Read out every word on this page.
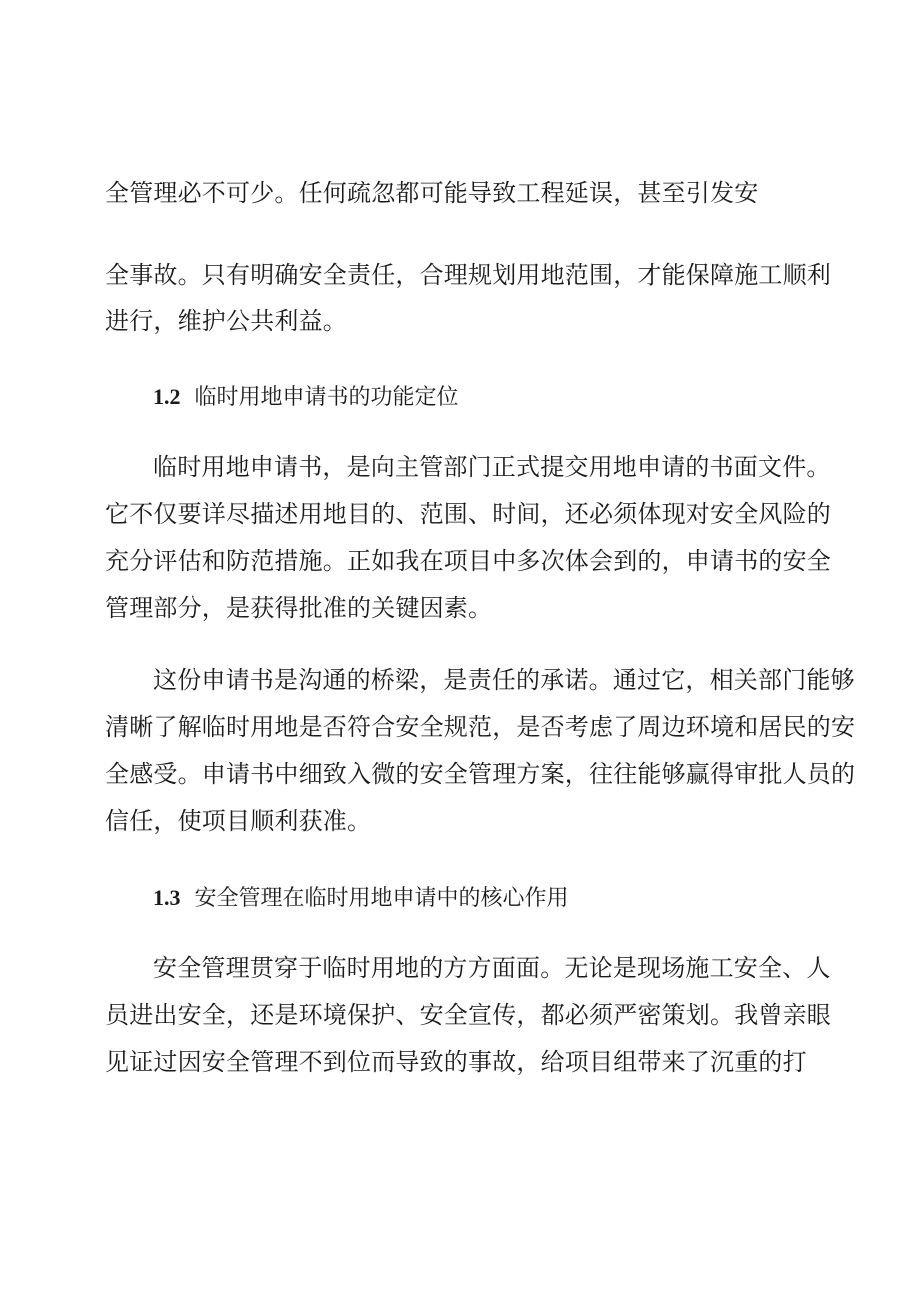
全管理必不可少。任何疏忽都可能导致工程延误，甚至引发安
全事故。只有明确安全责任，合理规划用地范围，才能保障施工顺利
进行，维护公共利益。
1.2 临时用地申请书的功能定位
临时用地申请书，是向主管部门正式提交用地申请的书面文件。
它不仅要详尽描述用地目的、范围、时间，还必须体现对安全风险的
充分评估和防范措施。正如我在项目中多次体会到的，申请书的安全
管理部分，是获得批准的关键因素。
这份申请书是沟通的桥梁，是责任的承诺。通过它，相关部门能够
清晰了解临时用地是否符合安全规范，是否考虑了周边环境和居民的安
全感受。申请书中细致入微的安全管理方案，往往能够赢得审批人员的
信任，使项目顺利获准。
1.3 安全管理在临时用地申请中的核心作用
安全管理贯穿于临时用地的方方面面。无论是现场施工安全、人
员进出安全，还是环境保护、安全宣传，都必须严密策划。我曾亲眼
见证过因安全管理不到位而导致的事故，给项目组带来了沉重的打
